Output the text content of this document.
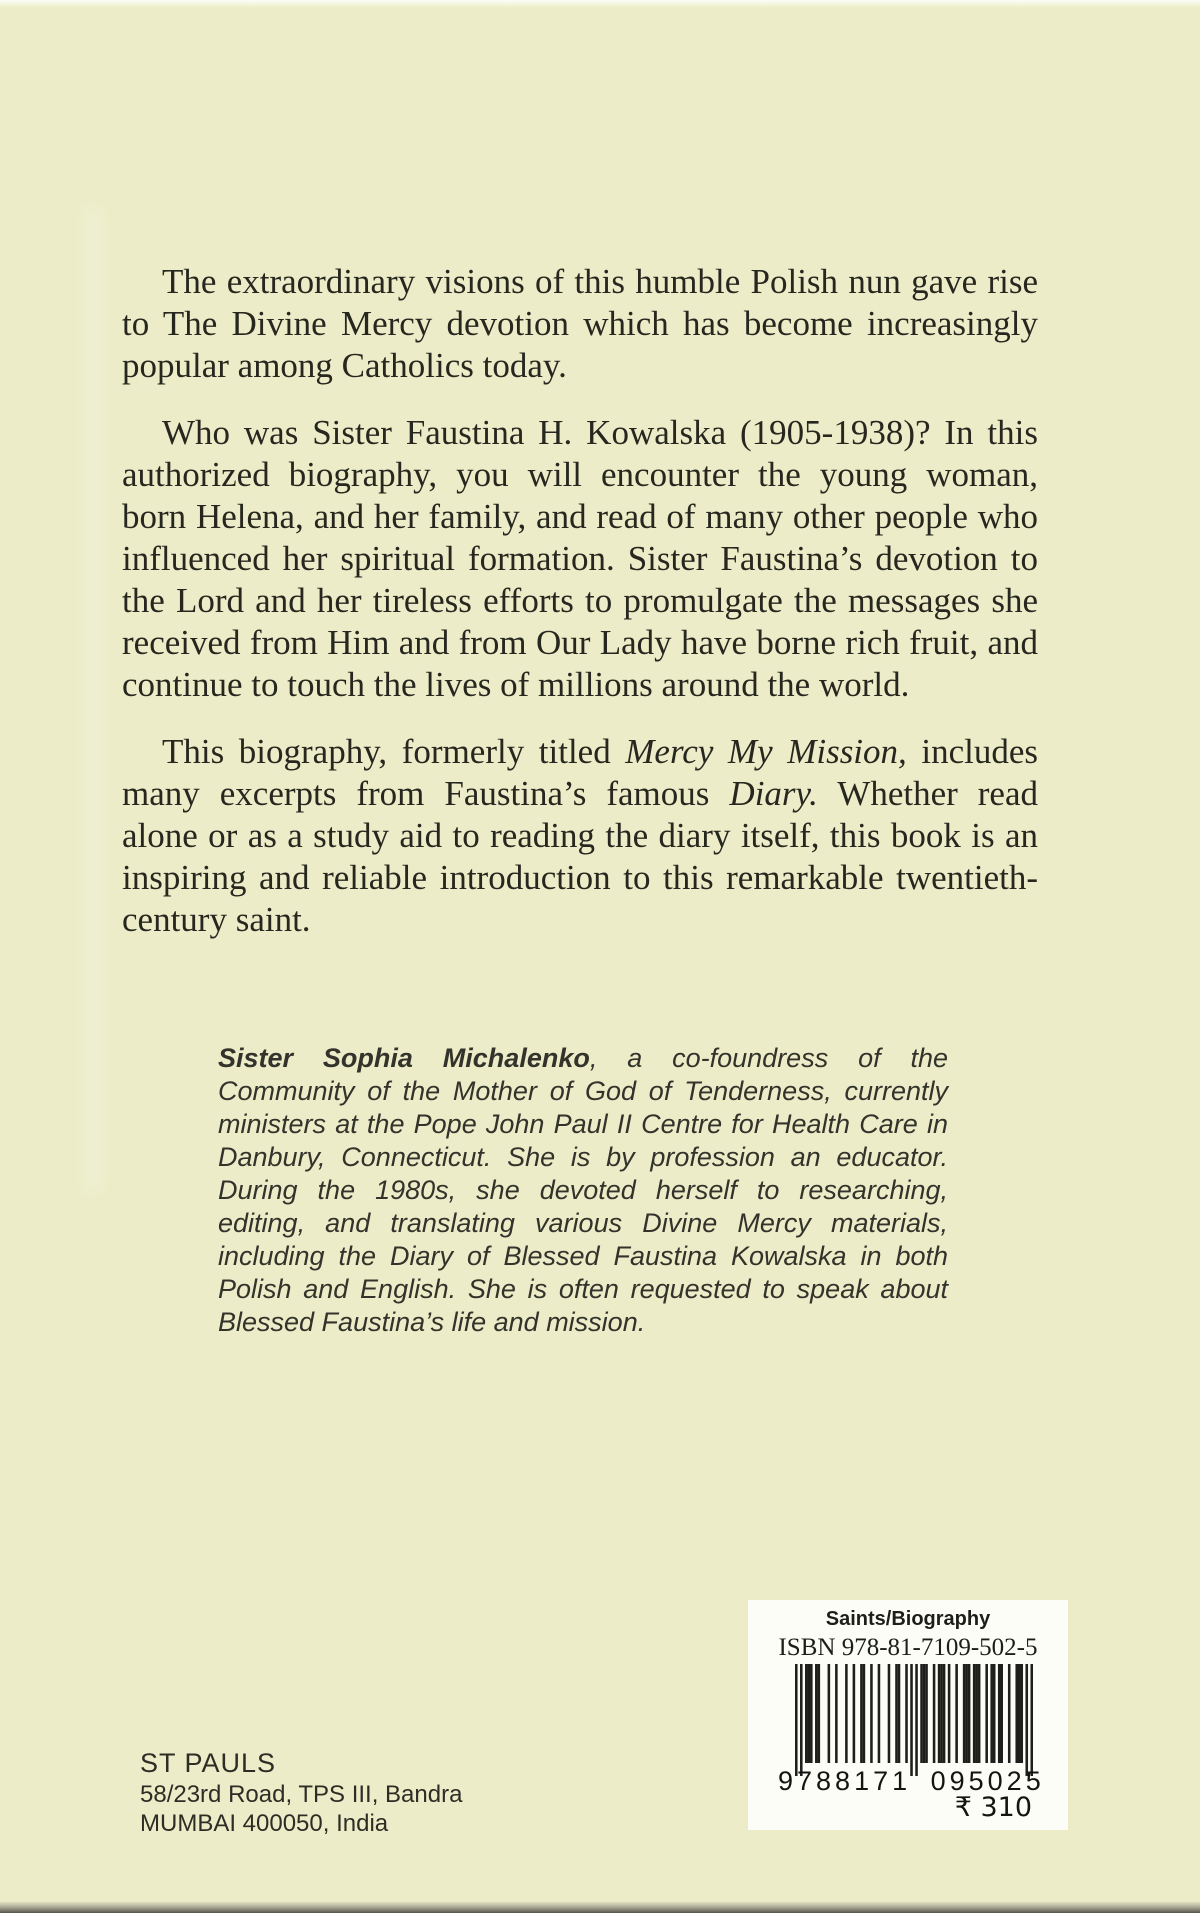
The extraordinary visions of this humble Polish nun gave rise to The Divine Mercy devotion which has become increasingly popular among Catholics today.

Who was Sister Faustina H. Kowalska (1905-1938)? In this authorized biography, you will encounter the young woman, born Helena, and her family, and read of many other people who influenced her spiritual formation. Sister Faustina’s devotion to the Lord and her tireless efforts to promulgate the messages she received from Him and from Our Lady have borne rich fruit, and continue to touch the lives of millions around the world.

This biography, formerly titled Mercy My Mission, includes many excerpts from Faustina’s famous Diary. Whether read alone or as a study aid to reading the diary itself, this book is an inspiring and reliable introduction to this remarkable twentieth-century saint.

Sister Sophia Michalenko, a co-foundress of the Community of the Mother of God of Tenderness, currently ministers at the Pope John Paul II Centre for Health Care in Danbury, Connecticut. She is by profession an educator. During the 1980s, she devoted herself to researching, editing, and translating various Divine Mercy materials, including the Diary of Blessed Faustina Kowalska in both Polish and English. She is often requested to speak about Blessed Faustina’s life and mission.
ST PAULS
58/23rd Road, TPS III, Bandra
MUMBAI 400050, India
Saints/Biography
ISBN 978-81-7109-502-5
9788171 095025
₹ 310
